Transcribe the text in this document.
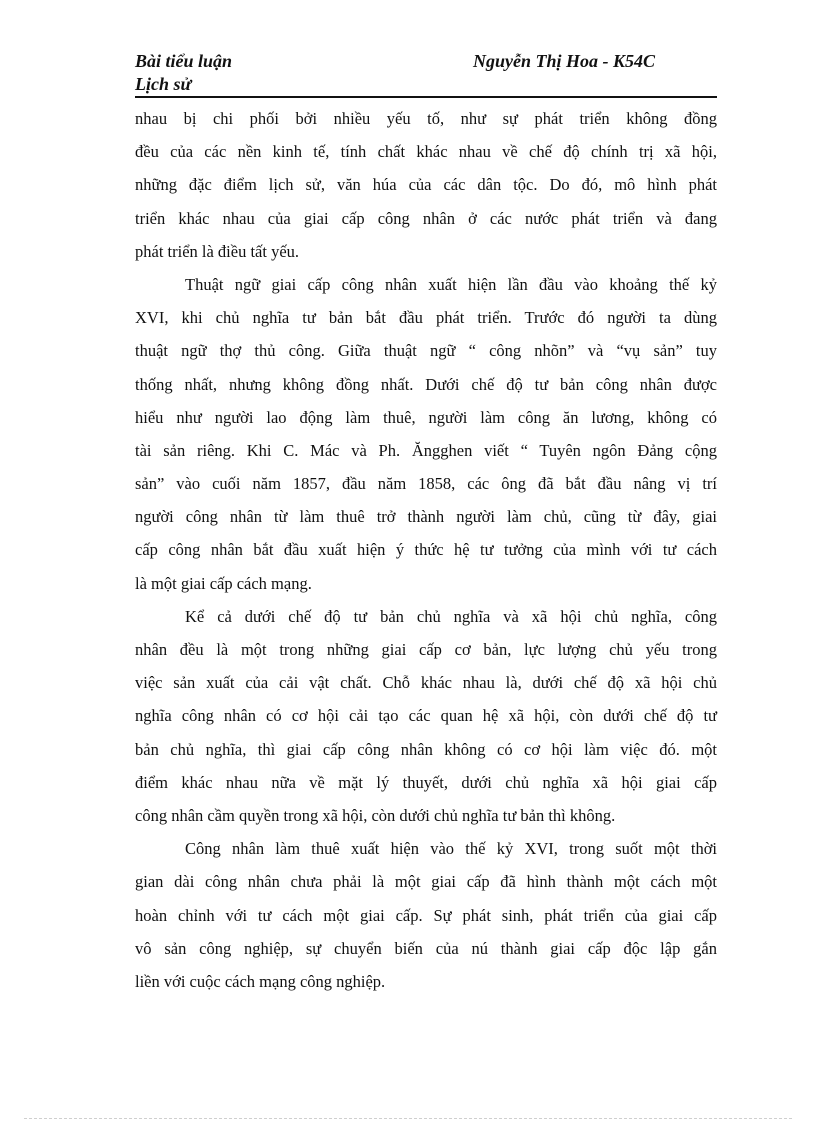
Bài tiểu luận
Lịch sử
Nguyễn Thị Hoa - K54C
nhau bị chi phối bởi nhiều yếu tố, như sự phát triển không đồng
đều của các nền kinh tế, tính chất khác nhau về chế độ chính trị xã hội,
những đặc điểm lịch sử, văn húa của các dân tộc. Do đó, mô hình phát
triển khác nhau của giai cấp công nhân ở các nước phát triển và đang
phát triển là điều tất yếu.
Thuật ngữ giai cấp công nhân xuất hiện lần đầu vào khoảng thế kỷ
XVI, khi chủ nghĩa tư bản bắt đầu phát triển. Trước đó người ta dùng
thuật ngữ thợ thủ công. Giữa thuật ngữ “ công nhõn” và “vụ sản” tuy
thống nhất, nhưng không đồng nhất. Dưới chế độ tư bản công nhân được
hiểu như người lao động làm thuê, người làm công ăn lương, không có
tài sản riêng. Khi C. Mác và Ph. Ăngghen viết “ Tuyên ngôn Đảng cộng
sản” vào cuối năm 1857, đầu năm 1858, các ông đã bắt đầu nâng vị trí
người công nhân từ làm thuê trở thành người làm chủ, cũng từ đây, giai
cấp công nhân bắt đầu xuất hiện ý thức hệ tư tưởng của mình với tư cách
là một giai cấp cách mạng.
Kể cả dưới chế độ tư bản chủ nghĩa và xã hội chủ nghĩa, công
nhân đều là một trong những giai cấp cơ bản, lực lượng chủ yếu trong
việc sản xuất của cải vật chất. Chỗ khác nhau là, dưới chế độ xã hội chủ
nghĩa công nhân có cơ hội cải tạo các quan hệ xã hội, còn dưới chế độ tư
bản chủ nghĩa, thì giai cấp công nhân không có cơ hội làm việc đó. một
điểm khác nhau nữa về mặt lý thuyết, dưới chủ nghĩa xã hội giai cấp
công nhân cầm quyền trong xã hội, còn dưới chủ nghĩa tư bản thì không.
Công nhân làm thuê xuất hiện vào thế kỷ XVI, trong suốt một thời
gian dài công nhân chưa phải là một giai cấp đã hình thành một cách một
hoàn chỉnh với tư cách một giai cấp. Sự phát sinh, phát triển của giai cấp
vô sản công nghiệp, sự chuyển biến của nú thành giai cấp độc lập gắn
liền với cuộc cách mạng công nghiệp.
